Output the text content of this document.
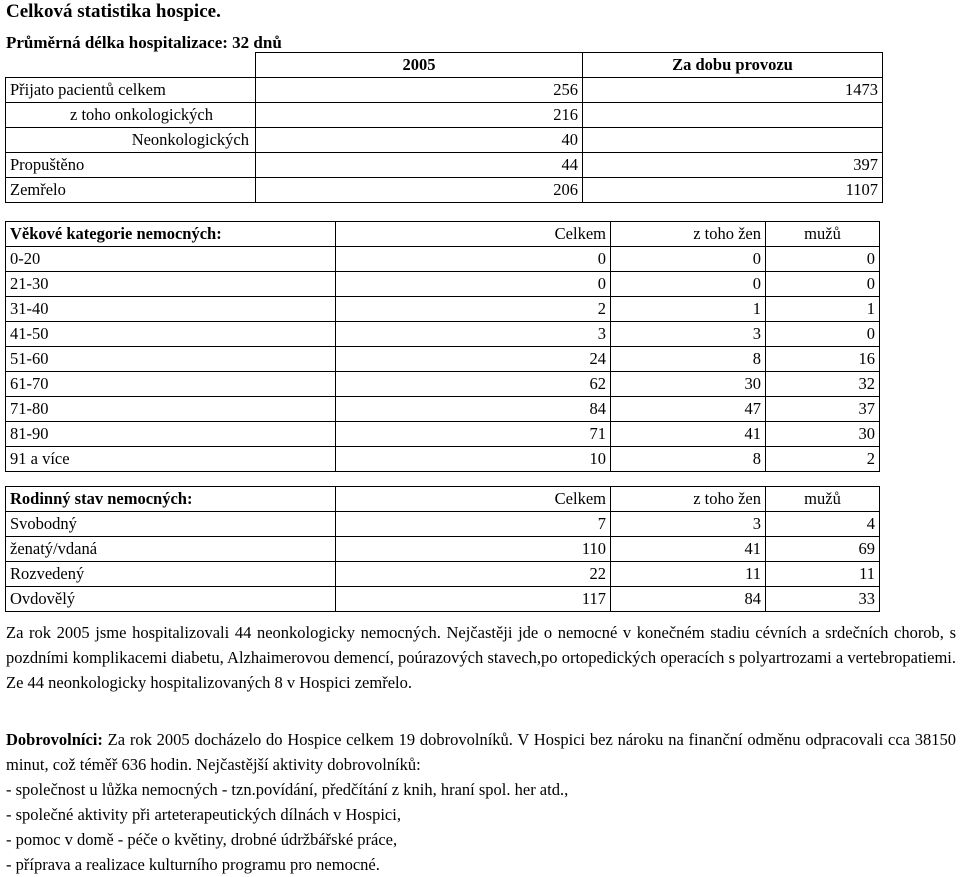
Celková statistika hospice.
Průměrná délka hospitalizace: 32 dnů
	2005	Za dobu provozu
Přijato pacientů celkem	256	1473
z toho onkologických	216	
Neonkologických	40	
Propuštěno	44	397
Zemřelo	206	1107
Věkové kategorie nemocných:	Celkem	z toho žen	mužů
0-20	0	0	0
21-30	0	0	0
31-40	2	1	1
41-50	3	3	0
51-60	24	8	16
61-70	62	30	32
71-80	84	47	37
81-90	71	41	30
91 a více	10	8	2
Rodinný stav nemocných:	Celkem	z toho žen	mužů
Svobodný	7	3	4
ženatý/vdaná	110	41	69
Rozvedený	22	11	11
Ovdovělý	117	84	33
Za rok 2005 jsme hospitalizovali 44 neonkologicky nemocných. Nejčastěji jde o nemocné v konečném stadiu cévních a srdečních chorob, s pozdními komplikacemi diabetu, Alzhaimerovou demencí, poúrazových stavech,po ortopedických operacích s polyartrozami a vertebropatiemi. Ze 44 neonkologicky hospitalizovaných 8 v Hospici zemřelo.
Dobrovolníci: Za rok 2005 docházelo do Hospice celkem 19 dobrovolníků. V Hospici bez nároku na finanční odměnu odpracovali cca 38150 minut, což téměř 636 hodin. Nejčastější aktivity dobrovolníků:
- společnost u lůžka nemocných - tzn.povídání, předčítání z knih, hraní spol. her atd.,
- společné aktivity při arteterapeutických dílnách v Hospici,
- pomoc v domě - péče o květiny, drobné údržbářské práce,
- příprava a realizace kulturního programu pro nemocné.
